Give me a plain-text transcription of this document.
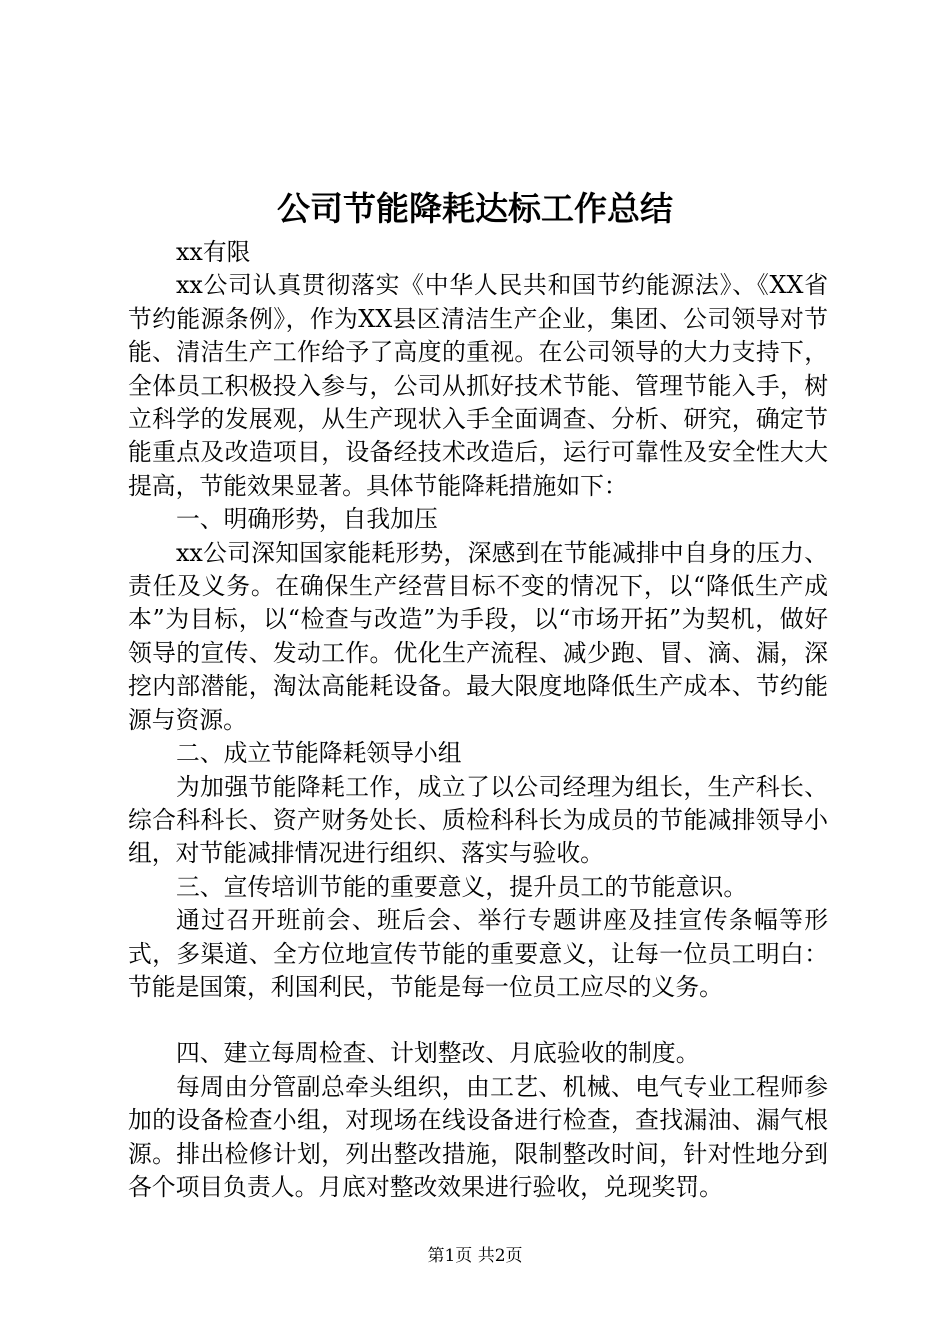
公司节能降耗达标工作总结

xx有限

xx公司认真贯彻落实《中华人民共和国节约能源法》、《XX省节约能源条例》，作为XX县区清洁生产企业，集团、公司领导对节能、清洁生产工作给予了高度的重视。在公司领导的大力支持下，全体员工积极投入参与，公司从抓好技术节能、管理节能入手，树立科学的发展观，从生产现状入手全面调查、分析、研究，确定节能重点及改造项目，设备经技术改造后，运行可靠性及安全性大大提高，节能效果显著。具体节能降耗措施如下：

一、明确形势，自我加压

xx公司深知国家能耗形势，深感到在节能减排中自身的压力、责任及义务。在确保生产经营目标不变的情况下，以“降低生产成本”为目标，以“检查与改造”为手段，以“市场开拓”为契机，做好领导的宣传、发动工作。优化生产流程、减少跑、冒、滴、漏，深挖内部潜能，淘汰高能耗设备。最大限度地降低生产成本、节约能源与资源。

二、成立节能降耗领导小组

为加强节能降耗工作，成立了以公司经理为组长，生产科长、综合科科长、资产财务处长、质检科科长为成员的节能减排领导小组，对节能减排情况进行组织、落实与验收。

三、宣传培训节能的重要意义，提升员工的节能意识。

通过召开班前会、班后会、举行专题讲座及挂宣传条幅等形式，多渠道、全方位地宣传节能的重要意义，让每一位员工明白：节能是国策，利国利民，节能是每一位员工应尽的义务。

四、建立每周检查、计划整改、月底验收的制度。

每周由分管副总牵头组织，由工艺、机械、电气专业工程师参加的设备检查小组，对现场在线设备进行检查，查找漏油、漏气根源。排出检修计划，列出整改措施，限制整改时间，针对性地分到各个项目负责人。月底对整改效果进行验收，兑现奖罚。

第1页 共2页
